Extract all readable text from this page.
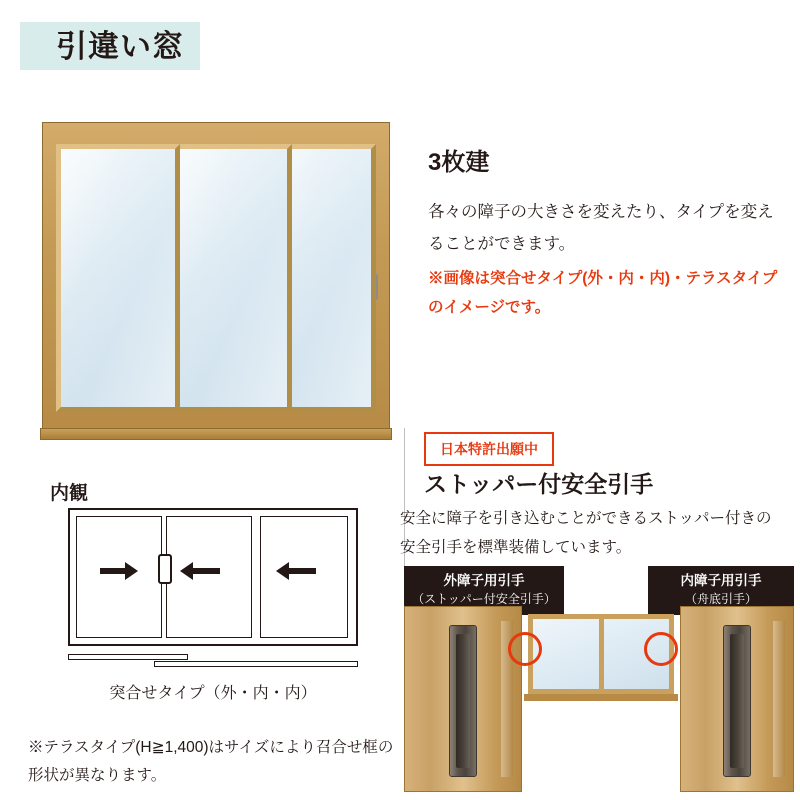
引違い窓
3枚建
各々の障子の大きさを変えたり、タイプを変えることができます。
※画像は突合せタイプ(外・内・内)・テラスタイプのイメージです。
内観
突合せタイプ（外・内・内）
※テラスタイプ(H≧1,400)はサイズにより召合せ框の形状が異なります。
日本特許出願中
ストッパー付安全引手
安全に障子を引き込むことができるストッパー付きの安全引手を標準装備しています。
外障子用引手
（ストッパー付安全引手）
内障子用引手
（舟底引手）
